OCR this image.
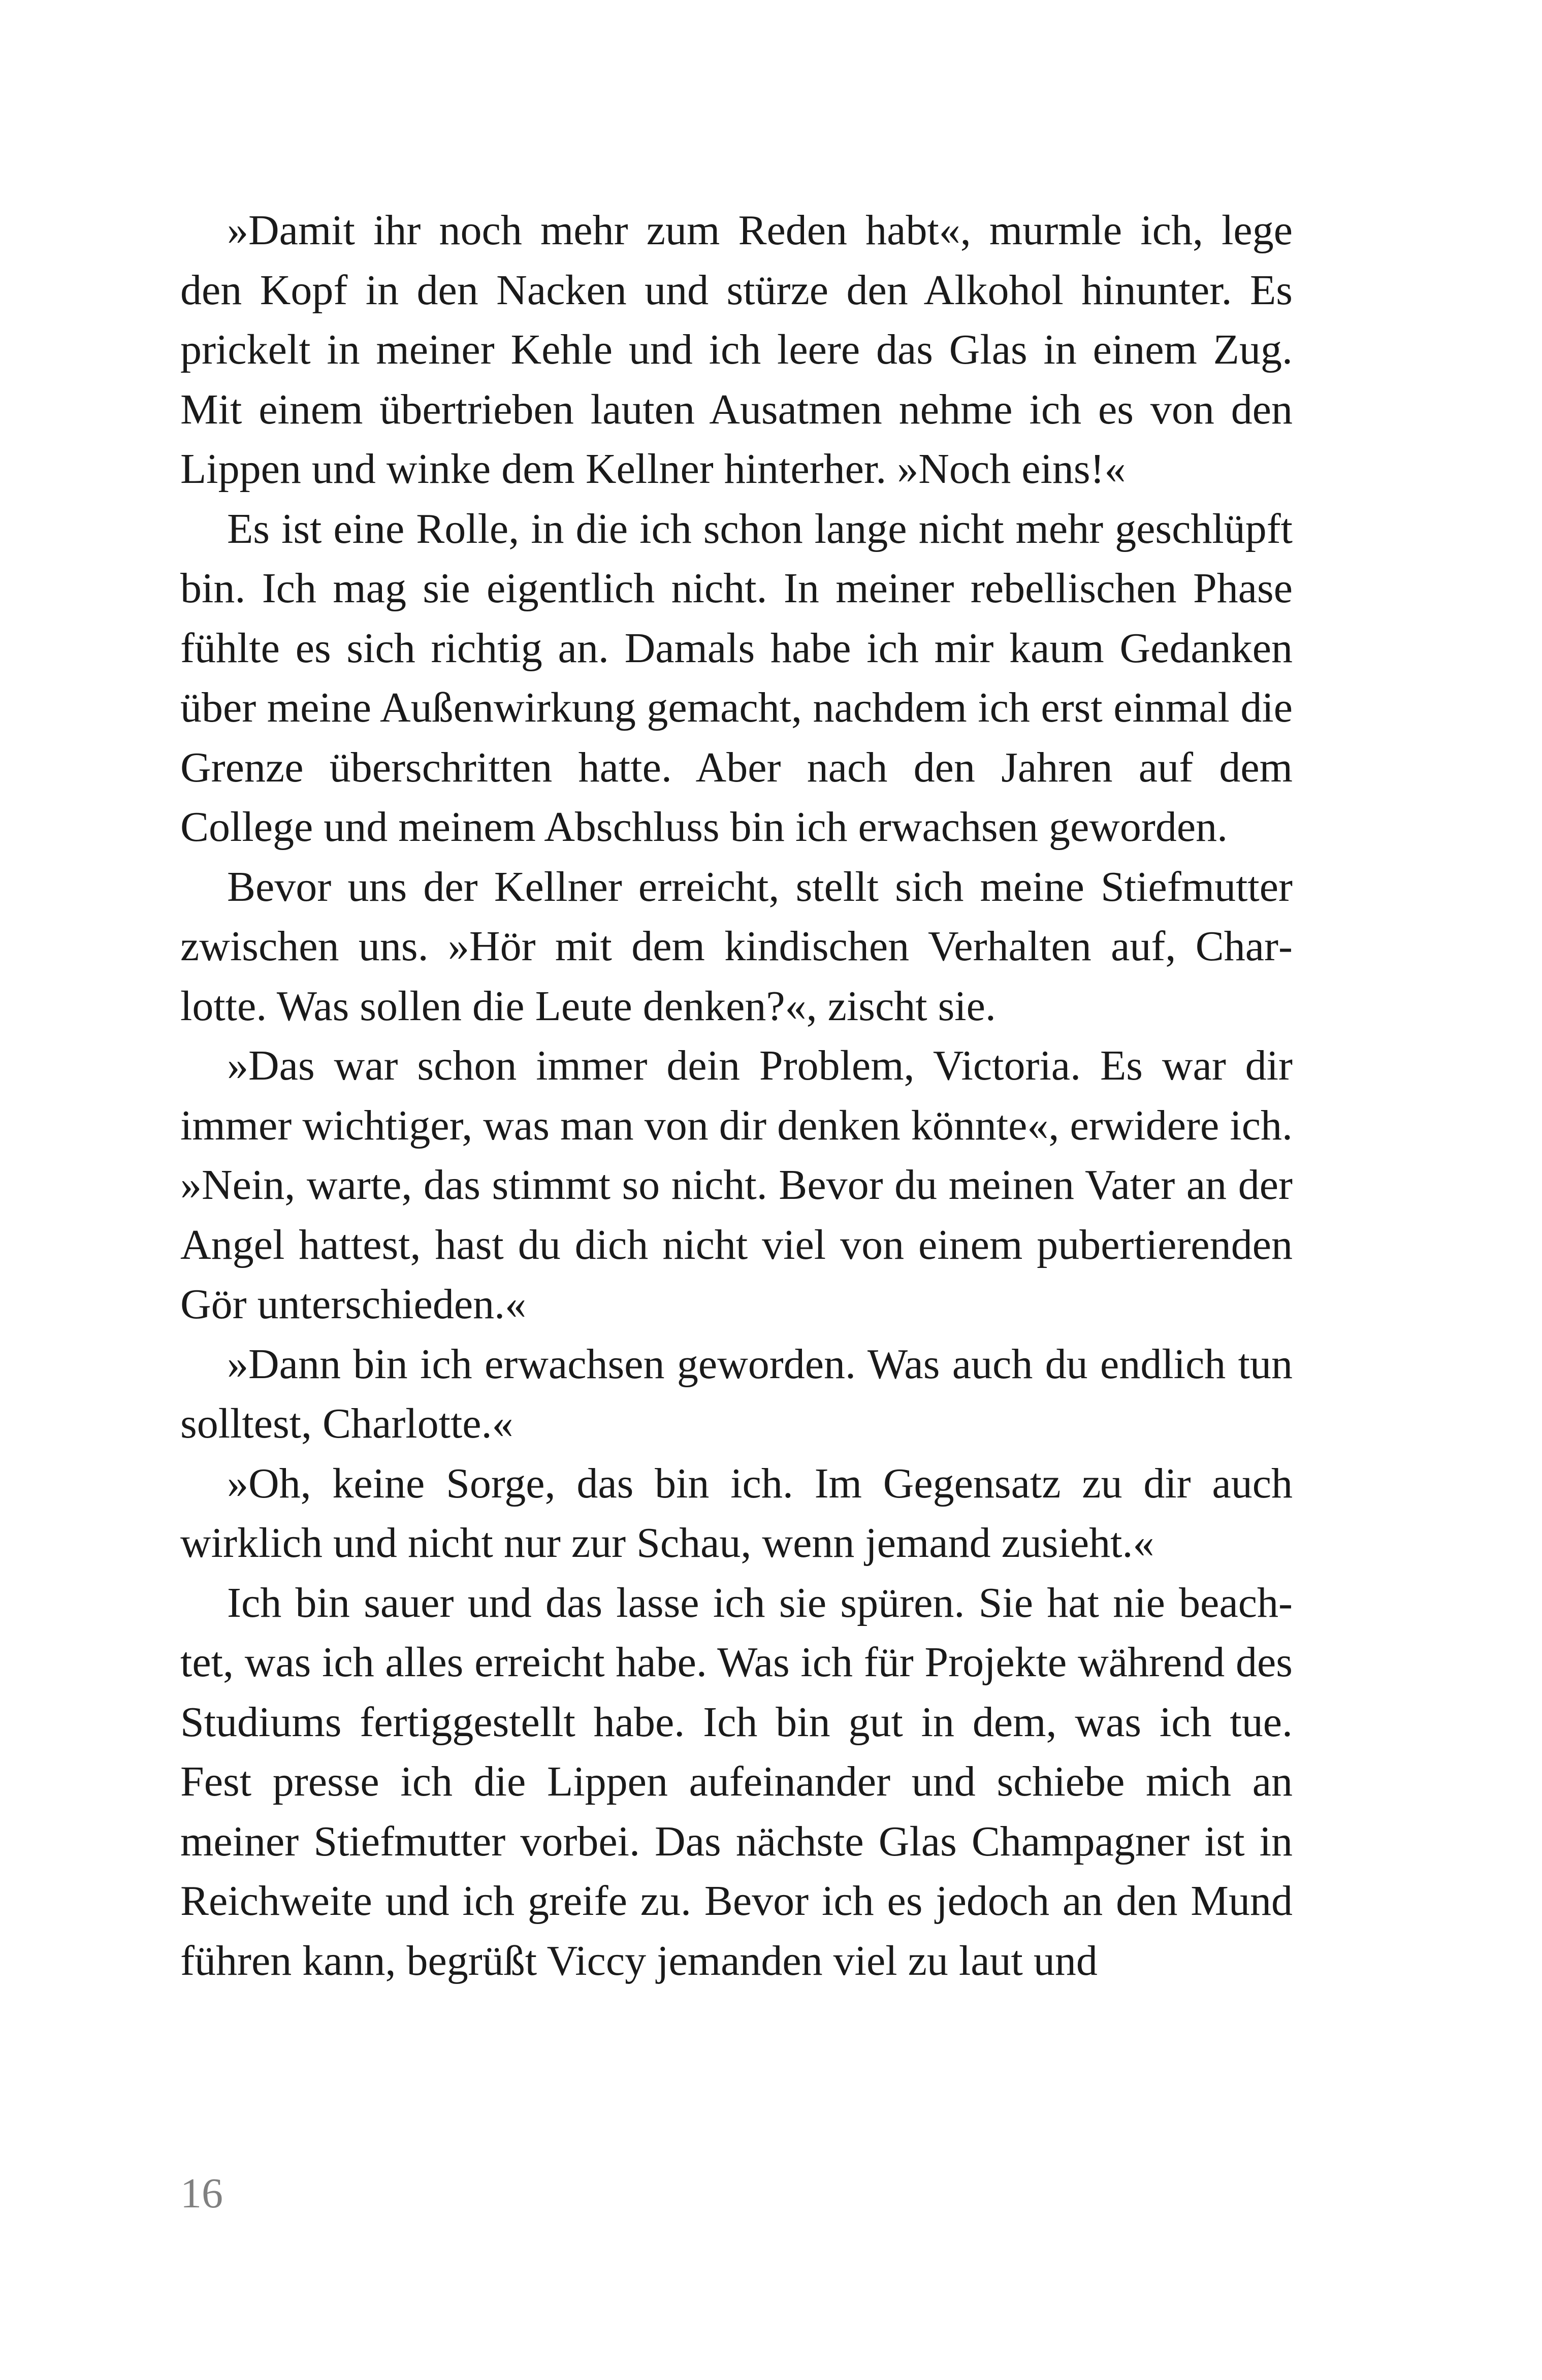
»Damit ihr noch mehr zum Reden habt«, murmle ich, lege den Kopf in den Nacken und stürze den Alkohol hinunter. Es prickelt in meiner Kehle und ich leere das Glas in einem Zug. Mit einem übertrieben lauten Ausatmen nehme ich es von den Lippen und winke dem Kellner hinterher. »Noch eins!«

Es ist eine Rolle, in die ich schon lange nicht mehr geschlüpft bin. Ich mag sie eigentlich nicht. In meiner rebellischen Phase fühlte es sich richtig an. Damals habe ich mir kaum Gedanken über meine Außenwirkung gemacht, nachdem ich erst einmal die Grenze überschritten hatte. Aber nach den Jahren auf dem College und meinem Abschluss bin ich erwachsen geworden.

Bevor uns der Kellner erreicht, stellt sich meine Stiefmutter zwischen uns. »Hör mit dem kindischen Verhalten auf, Charlotte. Was sollen die Leute denken?«, zischt sie.

»Das war schon immer dein Problem, Victoria. Es war dir immer wichtiger, was man von dir denken könnte«, erwidere ich. »Nein, warte, das stimmt so nicht. Bevor du meinen Vater an der Angel hattest, hast du dich nicht viel von einem pubertierenden Gör unterschieden.«

»Dann bin ich erwachsen geworden. Was auch du endlich tun solltest, Charlotte.«

»Oh, keine Sorge, das bin ich. Im Gegensatz zu dir auch wirklich und nicht nur zur Schau, wenn jemand zusieht.«

Ich bin sauer und das lasse ich sie spüren. Sie hat nie beachtet, was ich alles erreicht habe. Was ich für Projekte während des Studiums fertiggestellt habe. Ich bin gut in dem, was ich tue. Fest presse ich die Lippen aufeinander und schiebe mich an meiner Stiefmutter vorbei. Das nächste Glas Champagner ist in Reichweite und ich greife zu. Bevor ich es jedoch an den Mund führen kann, begrüßt Viccy jemanden viel zu laut und

16
